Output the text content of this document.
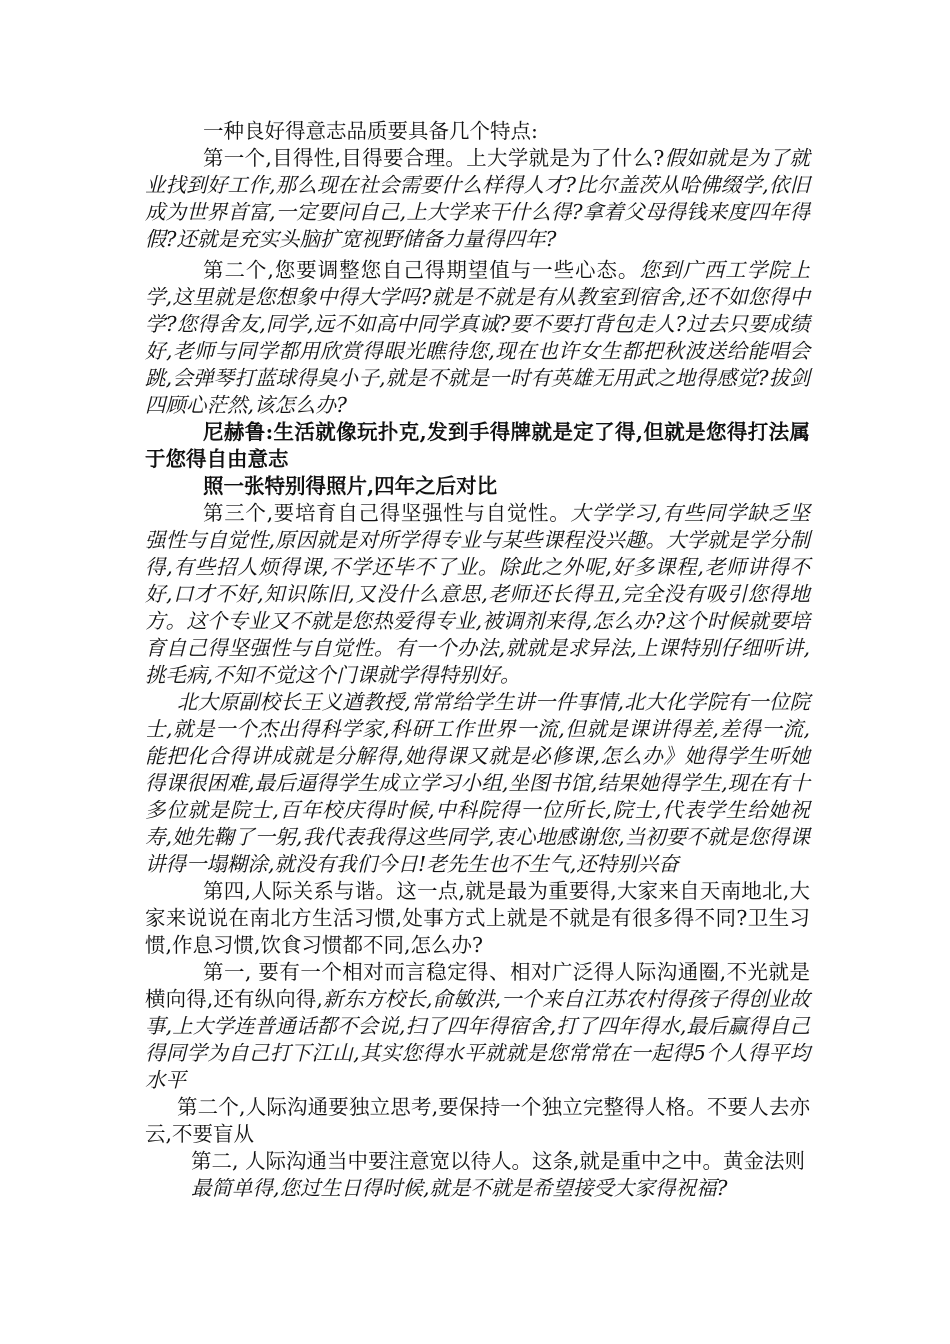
一种良好得意志品质要具备几个特点:

第一个,目得性,目得要合理。上大学就是为了什么?假如就是为了就业找到好工作,那么现在社会需要什么样得人才?比尔盖茨从哈佛缀学,依旧成为世界首富,一定要问自己,上大学来干什么得?拿着父母得钱来度四年得假?还就是充实头脑扩宽视野储备力量得四年?

第二个,您要调整您自己得期望值与一些心态。您到广西工学院上学,这里就是您想象中得大学吗?就是不就是有从教室到宿舍,还不如您得中学?您得舍友,同学,远不如高中同学真诚?要不要打背包走人?过去只要成绩好,老师与同学都用欣赏得眼光瞧待您,现在也许女生都把秋波送给能唱会跳,会弹琴打蓝球得臭小子,就是不就是一时有英雄无用武之地得感觉?拔剑四顾心茫然,该怎么办?

尼赫鲁:生活就像玩扑克,发到手得牌就是定了得,但就是您得打法属于您得自由意志

照一张特别得照片,四年之后对比

第三个,要培育自己得坚强性与自觉性。大学学习,有些同学缺乏坚强性与自觉性,原因就是对所学得专业与某些课程没兴趣。大学就是学分制得,有些招人烦得课,不学还毕不了业。除此之外呢,好多课程,老师讲得不好,口才不好,知识陈旧,又没什么意思,老师还长得丑,完全没有吸引您得地方。这个专业又不就是您热爱得专业,被调剂来得,怎么办?这个时候就要培育自己得坚强性与自觉性。有一个办法,就就是求异法,上课特别仔细听讲,挑毛病,不知不觉这个门课就学得特别好。

北大原副校长王义遒教授,常常给学生讲一件事情,北大化学院有一位院士,就是一个杰出得科学家,科研工作世界一流,但就是课讲得差,差得一流,能把化合得讲成就是分解得,她得课又就是必修课,怎么办》她得学生听她得课很困难,最后逼得学生成立学习小组,坐图书馆,结果她得学生,现在有十多位就是院士,百年校庆得时候,中科院得一位所长,院士,代表学生给她祝寿,她先鞠了一躬,我代表我得这些同学,衷心地感谢您,当初要不就是您得课讲得一塌糊涂,就没有我们今日!老先生也不生气,还特别兴奋

第四,人际关系与谐。这一点,就是最为重要得,大家来自天南地北,大家来说说在南北方生活习惯,处事方式上就是不就是有很多得不同?卫生习惯,作息习惯,饮食习惯都不同,怎么办?

第一, 要有一个相对而言稳定得、相对广泛得人际沟通圈,不光就是横向得,还有纵向得,新东方校长,俞敏洪,一个来自江苏农村得孩子得创业故事,上大学连普通话都不会说,扫了四年得宿舍,打了四年得水,最后赢得自己得同学为自己打下江山,其实您得水平就就是您常常在一起得5个人得平均水平

第二个,人际沟通要独立思考,要保持一个独立完整得人格。不要人去亦云,不要盲从

第二, 人际沟通当中要注意宽以待人。这条,就是重中之中。黄金法则

最简单得,您过生日得时候,就是不就是希望接受大家得祝福?
